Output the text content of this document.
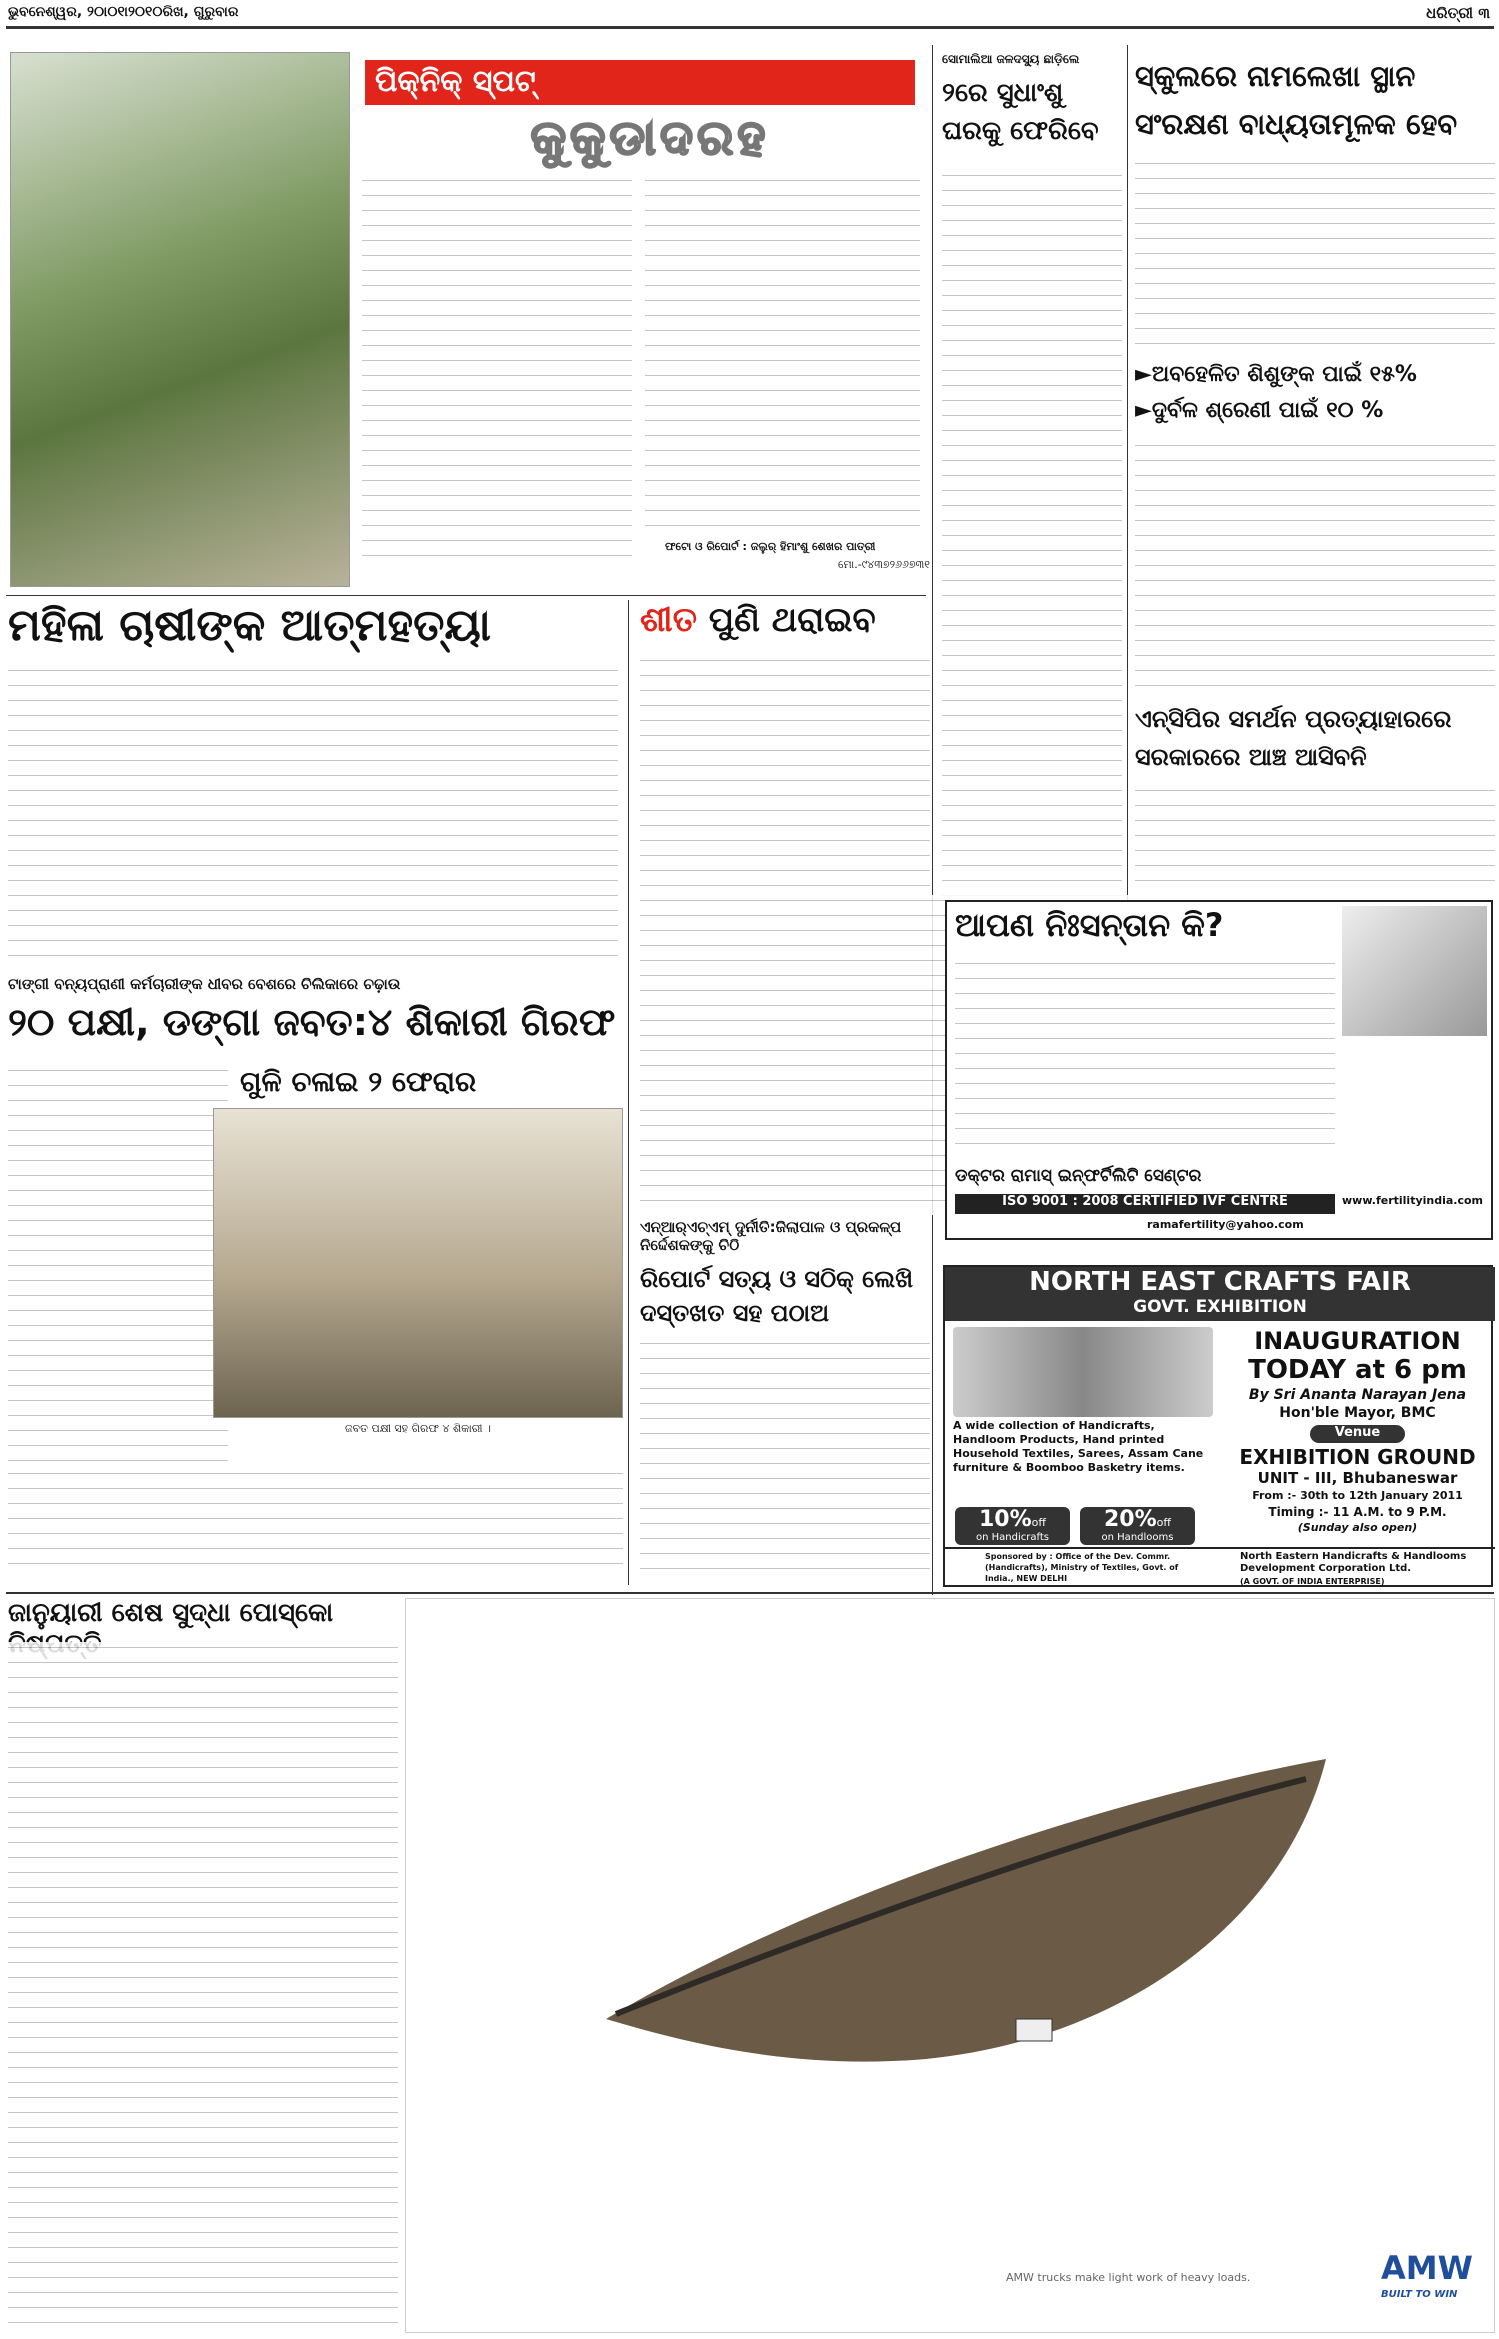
ଭୁବନେଶ୍ୱର, ୨୦ା୦୧ା୨୦୧୦ରିଖ, ଗୁରୁବାର	ଧରିତ୍ରୀ ୩
ପିକ୍‌ନିକ୍ ସ୍ପଟ୍
କୁକୁଡାଦରହ
ଫଟୋ ଓ ରିପୋର୍ଟ : ଜଲୁର୍ ହିମାଂଶୁ ଶେଖର ପାତ୍ରୀ
ମୋ.-୯୪୩୭୨୬୬୭୩୧
ସୋମାଲିଆ ଜଳଦସ୍ୟୁ ଛାଡ଼ିଲେ
୨ରେ ସୁଧାଂଶୁ ଘରକୁ ଫେରିବେ
ସ୍କୁଲରେ ନାମଲେଖା ସ୍ଥାନ ସଂରକ୍ଷଣ ବାଧ୍ୟତାମୂଳକ ହେବ
►ଅବହେଳିତ ଶିଶୁଙ୍କ ପାଇଁ ୧୫%
►ଦୁର୍ବଳ ଶ୍ରେଣୀ ପାଇଁ ୧୦ %
ଏନ୍‌ସିପିର ସମର୍ଥନ ପ୍ରତ୍ୟାହାରରେ ସରକାରରେ ଆଞ୍ଚ ଆସିବନି
ମହିଳା ଚାଷୀଙ୍କ ଆତ୍ମହତ୍ୟା	ଶୀତ ପୁଣି ଥରାଇବ
ଟାଙ୍ଗୀ ବନ୍ୟପ୍ରାଣୀ କର୍ମଚାରୀଙ୍କ ଧୀବର ବେଶରେ ଚିଲିକାରେ ଚଢ଼ାଉ
୨୦ ପକ୍ଷୀ, ଡଙ୍ଗା ଜବତ:୪ ଶିକାରୀ ଗିରଫ
ଗୁଳି ଚଳାଇ ୨ ଫେରାର
ଜବତ ପକ୍ଷୀ ସହ ଗିରଫ ୪ ଶିକାରୀ ।
ଏନ୍‌ଆର୍‌ଏଚ୍‌ଏମ୍ ଦୁର୍ନୀତି:ଜିଲାପାଳ ଓ ପ୍ରକଳ୍ପ ନିର୍ଦ୍ଦେଶକଙ୍କୁ ଚିଠି
ରିପୋର୍ଟ ସତ୍ୟ ଓ ସଠିକ୍ ଲେଖି ଦସ୍ତଖତ ସହ ପଠାଅ
ଆପଣ ନିଃସନ୍ତାନ କି?
ଡକ୍ଟର ରାମାସ୍ ଇନ୍‌ଫର୍ଟିଲିଟି ସେଣ୍ଟର
ISO 9001 : 2008 CERTIFIED IVF CENTRE	www.fertilityindia.com
ramafertility@yahoo.com
NORTH EAST CRAFTS FAIR
GOVT. EXHIBITION
INAUGURATION
TODAY at 6 pm
By Sri Ananta Narayan Jena
Hon'ble Mayor, BMC
Venue
EXHIBITION GROUND
UNIT - III, Bhubaneswar
From :- 30th to 12th January 2011
Timing :- 11 A.M. to 9 P.M.
(Sunday also open)
A wide collection of Handicrafts, Handloom Products, Hand printed Household Textiles, Sarees, Assam Cane furniture & Boomboo Basketry items.
10%off
on Handicrafts
20%off
on Handlooms
Sponsored by : Office of the Dev. Commr. (Handicrafts), Ministry of Textiles, Govt. of India., NEW DELHI
North Eastern Handicrafts & Handlooms Development Corporation Ltd.
(A GOVT. OF INDIA ENTERPRISE)
ଜାନୁୟାରୀ ଶେଷ ସୁଦ୍ଧା ପୋସ୍କୋ
AMW trucks make light work of heavy loads.	AMW
BUILT TO WIN
